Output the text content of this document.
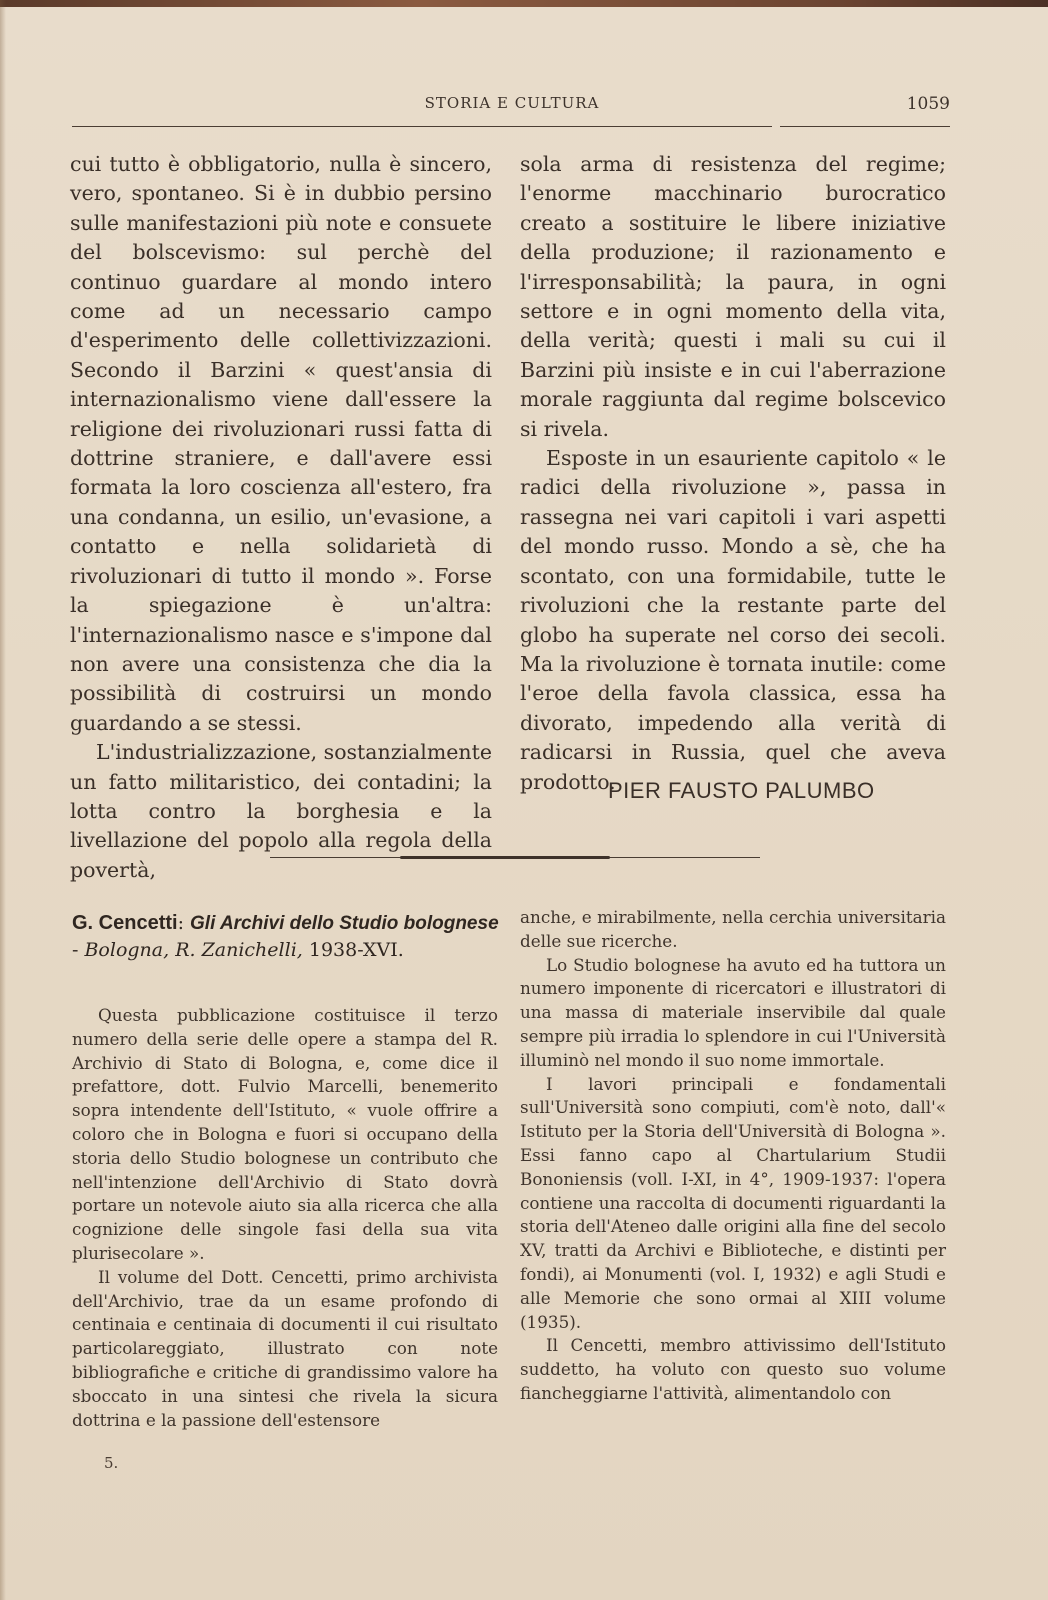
STORIA E CULTURA	1059

cui tutto è obbligatorio, nulla è sincero, vero, spontaneo. Si è in dubbio persino sulle manifestazioni più note e consuete del bolscevismo: sul perchè del continuo guardare al mondo intero come ad un necessario campo d'esperimento delle collettivizzazioni. Secondo il Barzini « quest'ansia di internazionalismo viene dall'essere la religione dei rivoluzionari russi fatta di dottrine straniere, e dall'avere essi formata la loro coscienza all'estero, fra una condanna, un esilio, un'evasione, a contatto e nella solidarietà di rivoluzionari di tutto il mondo ». Forse la spiegazione è un'altra: l'internazionalismo nasce e s'impone dal non avere una consistenza che dia la possibilità di costruirsi un mondo guardando a se stessi.

L'industrializzazione, sostanzialmente un fatto militaristico, dei contadini; la lotta contro la borghesia e la livellazione del popolo alla regola della povertà,

sola arma di resistenza del regime; l'enorme macchinario burocratico creato a sostituire le libere iniziative della produzione; il razionamento e l'irresponsabilità; la paura, in ogni settore e in ogni momento della vita, della verità; questi i mali su cui il Barzini più insiste e in cui l'aberrazione morale raggiunta dal regime bolscevico si rivela.

Esposte in un esauriente capitolo « le radici della rivoluzione », passa in rassegna nei vari capitoli i vari aspetti del mondo russo. Mondo a sè, che ha scontato, con una formidabile, tutte le rivoluzioni che la restante parte del globo ha superate nel corso dei secoli. Ma la rivoluzione è tornata inutile: come l'eroe della favola classica, essa ha divorato, impedendo alla verità di radicarsi in Russia, quel che aveva prodotto.

PIER FAUSTO PALUMBO
G. Cencetti: Gli Archivi dello Studio bolognese - Bologna, R. Zanichelli, 1938-XVI.

Questa pubblicazione costituisce il terzo numero della serie delle opere a stampa del R. Archivio di Stato di Bologna, e, come dice il prefattore, dott. Fulvio Marcelli, benemerito sopra intendente dell'Istituto, « vuole offrire a coloro che in Bologna e fuori si occupano della storia dello Studio bolognese un contributo che nell'intenzione dell'Archivio di Stato dovrà portare un notevole aiuto sia alla ricerca che alla cognizione delle singole fasi della sua vita plurisecolare ».

Il volume del Dott. Cencetti, primo archivista dell'Archivio, trae da un esame profondo di centinaia e centinaia di documenti il cui risultato particolareggiato, illustrato con note bibliografiche e critiche di grandissimo valore ha sboccato in una sintesi che rivela la sicura dottrina e la passione dell'estensore

anche, e mirabilmente, nella cerchia universitaria delle sue ricerche.

Lo Studio bolognese ha avuto ed ha tuttora un numero imponente di ricercatori e illustratori di una massa di materiale inservibile dal quale sempre più irradia lo splendore in cui l'Università illuminò nel mondo il suo nome immortale.

I lavori principali e fondamentali sull'Università sono compiuti, com'è noto, dall'« Istituto per la Storia dell'Università di Bologna ». Essi fanno capo al Chartularium Studii Bononiensis (voll. I-XI, in 4°, 1909-1937: l'opera contiene una raccolta di documenti riguardanti la storia dell'Ateneo dalle origini alla fine del secolo XV, tratti da Archivi e Biblioteche, e distinti per fondi), ai Monumenti (vol. I, 1932) e agli Studi e alle Memorie che sono ormai al XIII volume (1935).

Il Cencetti, membro attivissimo dell'Istituto suddetto, ha voluto con questo suo volume fiancheggiarne l'attività, alimentandolo con

5.
